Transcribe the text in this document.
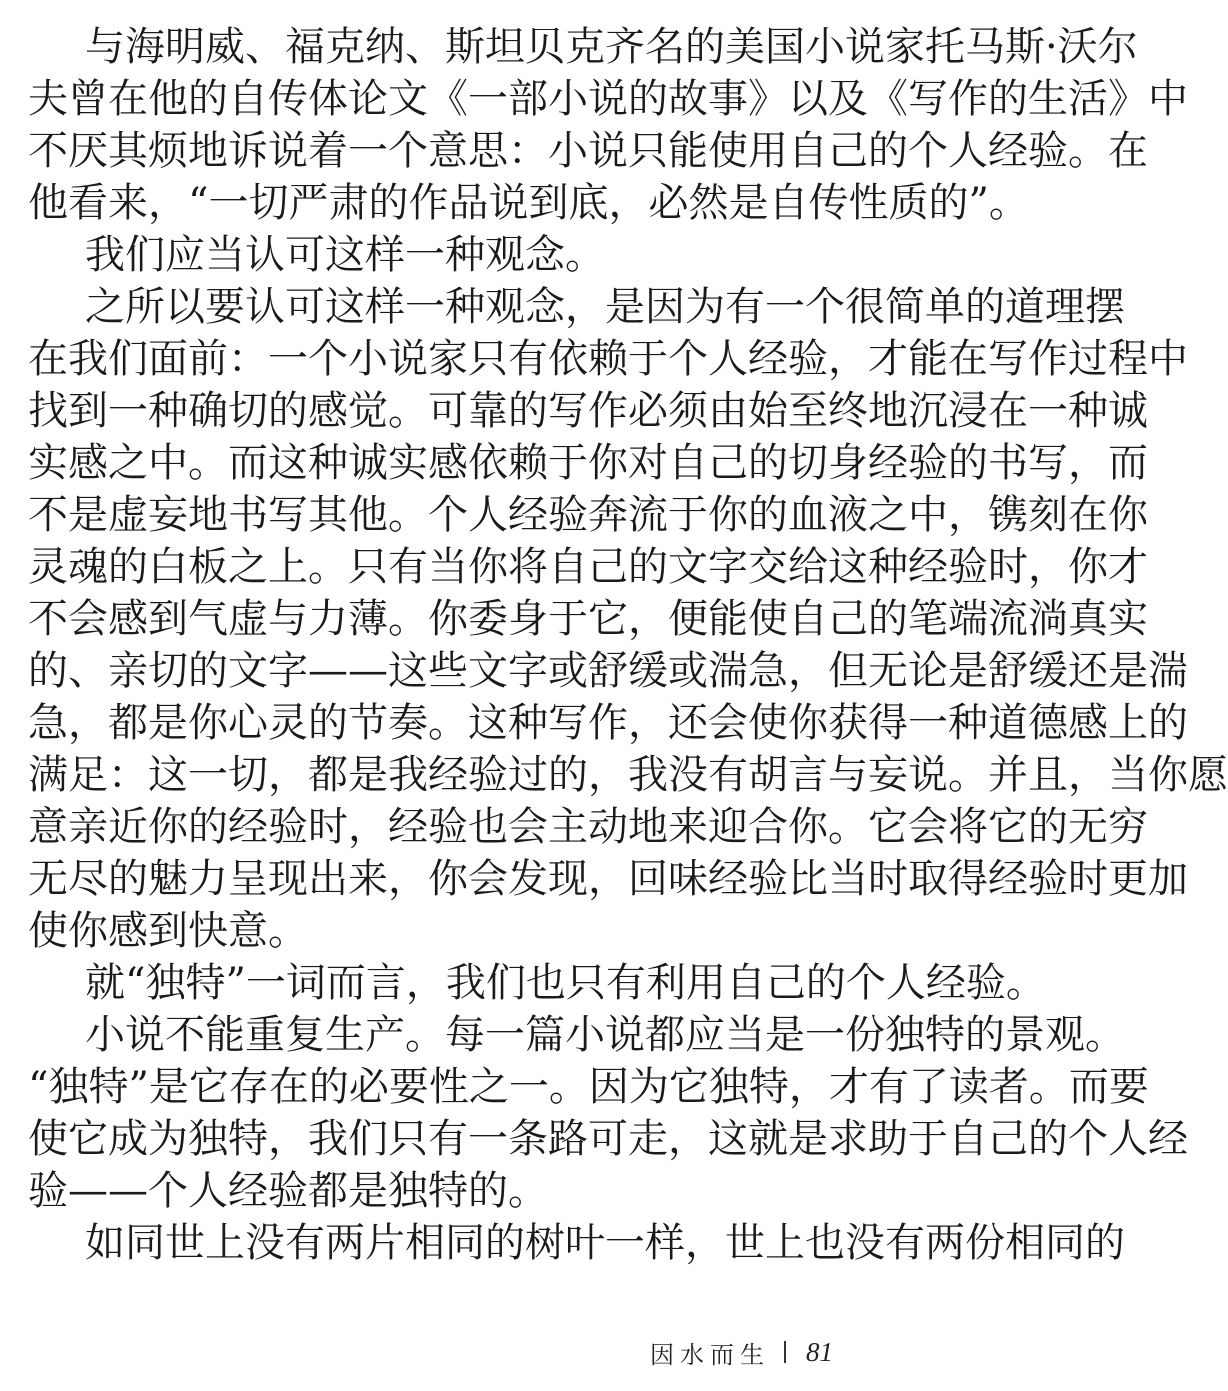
与海明威、福克纳、斯坦贝克齐名的美国小说家托马斯·沃尔
夫曾在他的自传体论文《一部小说的故事》以及《写作的生活》中
不厌其烦地诉说着一个意思：小说只能使用自己的个人经验。在
他看来，“一切严肃的作品说到底，必然是自传性质的”。
我们应当认可这样一种观念。
之所以要认可这样一种观念，是因为有一个很简单的道理摆
在我们面前：一个小说家只有依赖于个人经验，才能在写作过程中
找到一种确切的感觉。可靠的写作必须由始至终地沉浸在一种诚
实感之中。而这种诚实感依赖于你对自己的切身经验的书写，而
不是虚妄地书写其他。个人经验奔流于你的血液之中，镌刻在你
灵魂的白板之上。只有当你将自己的文字交给这种经验时，你才
不会感到气虚与力薄。你委身于它，便能使自己的笔端流淌真实
的、亲切的文字——这些文字或舒缓或湍急，但无论是舒缓还是湍
急，都是你心灵的节奏。这种写作，还会使你获得一种道德感上的
满足：这一切，都是我经验过的，我没有胡言与妄说。并且，当你愿
意亲近你的经验时，经验也会主动地来迎合你。它会将它的无穷
无尽的魅力呈现出来，你会发现，回味经验比当时取得经验时更加
使你感到快意。
就“独特”一词而言，我们也只有利用自己的个人经验。
小说不能重复生产。每一篇小说都应当是一份独特的景观。
“独特”是它存在的必要性之一。因为它独特，才有了读者。而要
使它成为独特，我们只有一条路可走，这就是求助于自己的个人经
验——个人经验都是独特的。
如同世上没有两片相同的树叶一样，世上也没有两份相同的
因水而生 81
